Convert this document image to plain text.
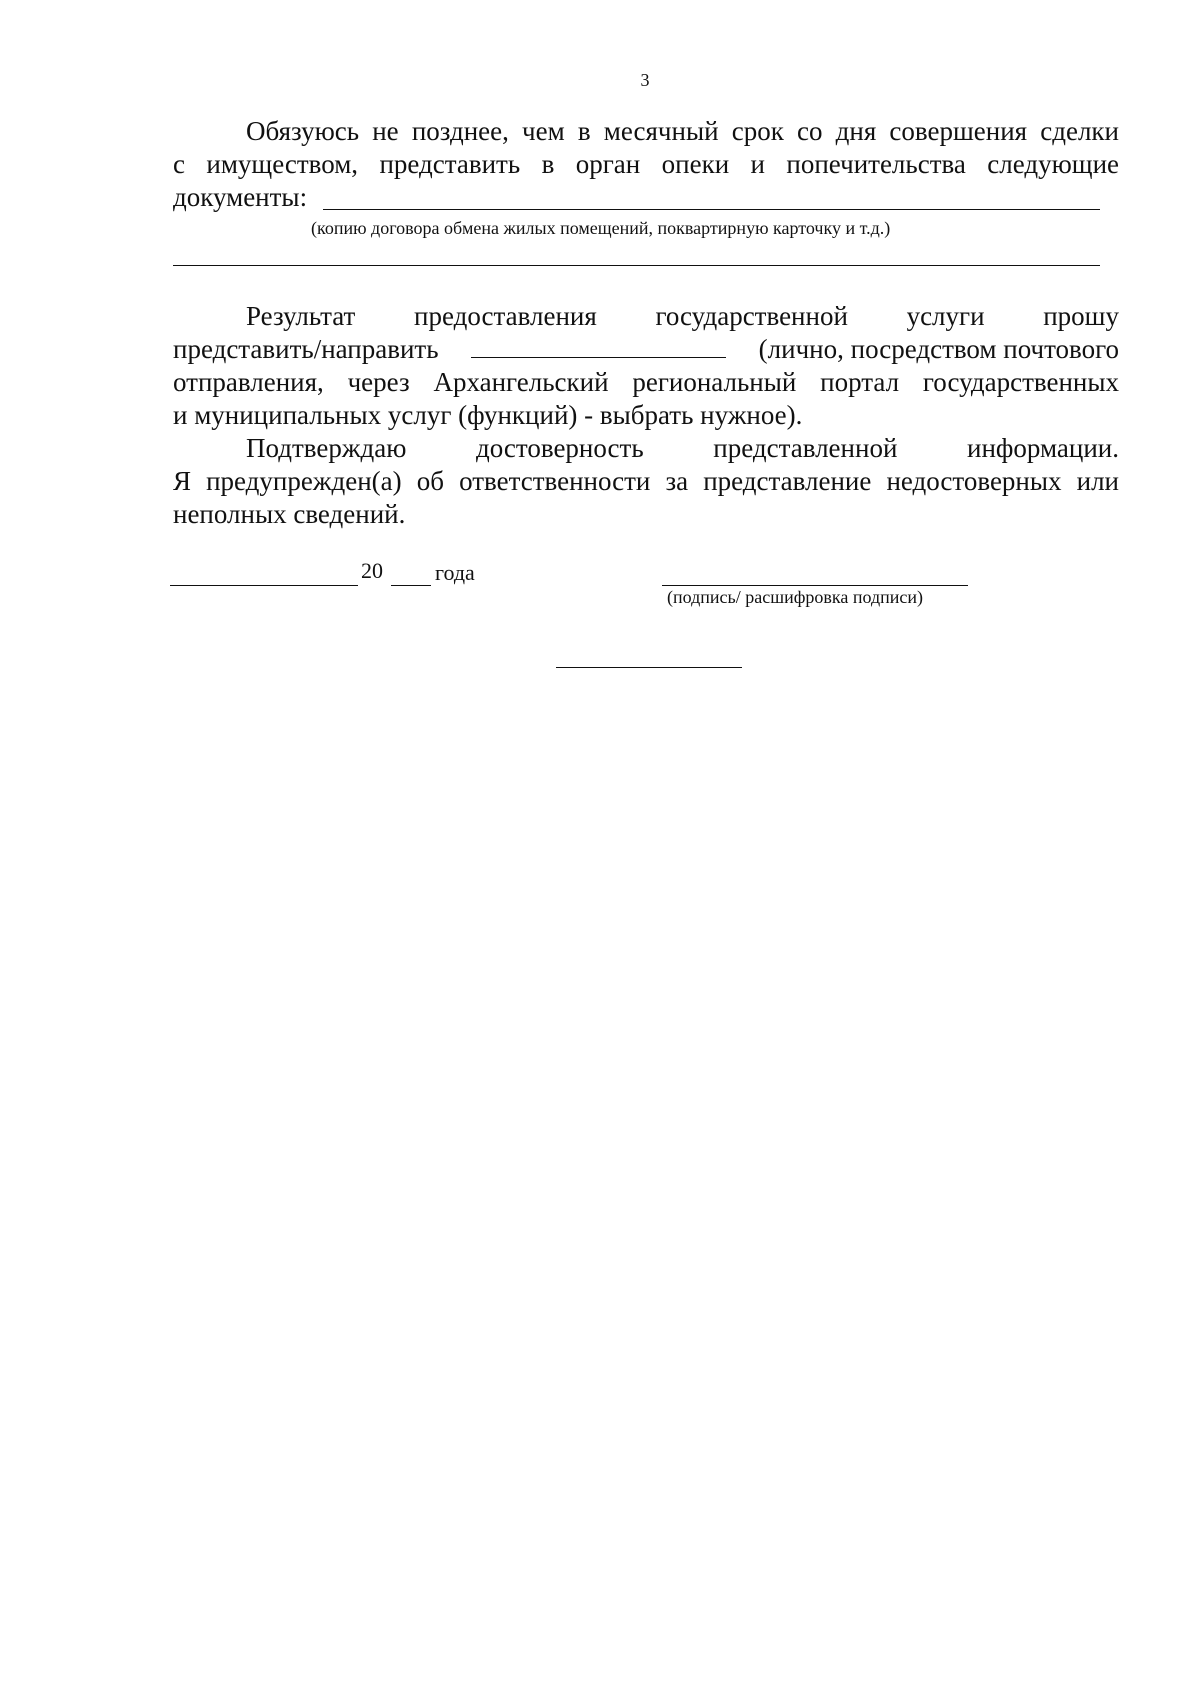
3
Обязуюсь не позднее, чем в месячный срок со дня совершения сделки
с имуществом, представить в орган опеки и попечительства следующие
документы:
(копию договора обмена жилых помещений, поквартирную карточку и т.д.)
Результат предоставления государственной услуги прошу
представить/направить	(лично, посредством почтового
отправления, через Архангельский региональный портал государственных
и муниципальных услуг (функций) - выбрать нужное).
Подтверждаю	достоверность	представленной	информации.
Я предупрежден(а) об ответственности за представление недостоверных или
неполных сведений.
20 года
(подпись/ расшифровка подписи)
